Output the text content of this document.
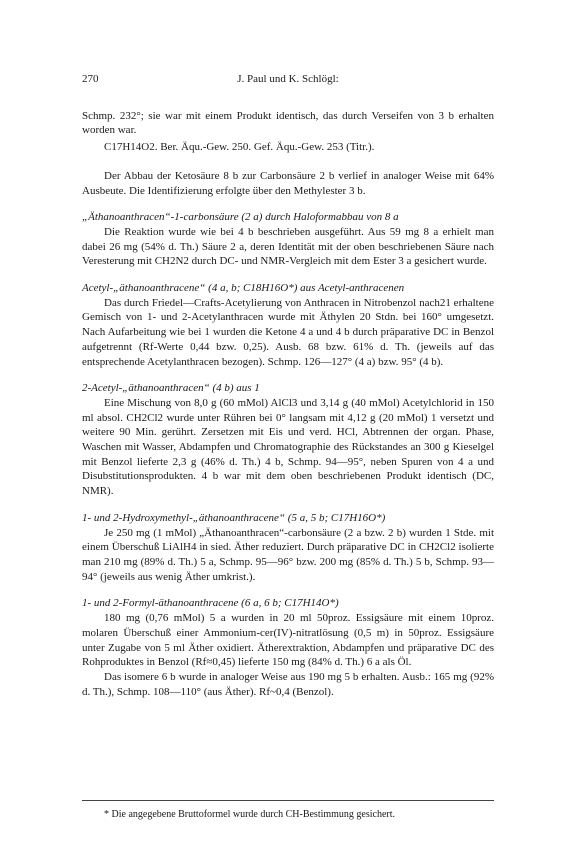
270	J. Paul und K. Schlögl:

Schmp. 232°; sie war mit einem Produkt identisch, das durch Verseifen von 3 b erhalten worden war.

C17H14O2. Ber. Äqu.-Gew. 250. Gef. Äqu.-Gew. 253 (Titr.).

Der Abbau der Ketosäure 8 b zur Carbonsäure 2 b verlief in analoger Weise mit 64% Ausbeute. Die Identifizierung erfolgte über den Methylester 3 b.

„Äthanoanthracen“-1-carbonsäure (2 a) durch Haloformabbau von 8 a

Die Reaktion wurde wie bei 4 b beschrieben ausgeführt. Aus 59 mg 8 a erhielt man dabei 26 mg (54% d. Th.) Säure 2 a, deren Identität mit der oben beschriebenen Säure nach Veresterung mit CH2N2 durch DC- und NMR-Vergleich mit dem Ester 3 a gesichert wurde.

Acetyl-„äthanoanthracene“ (4 a, b; C18H16O*) aus Acetyl-anthracenen

Das durch Friedel—Crafts-Acetylierung von Anthracen in Nitrobenzol nach21 erhaltene Gemisch von 1- und 2-Acetylanthracen wurde mit Äthylen 20 Stdn. bei 160° umgesetzt. Nach Aufarbeitung wie bei 1 wurden die Ketone 4 a und 4 b durch präparative DC in Benzol aufgetrennt (Rf-Werte 0,44 bzw. 0,25). Ausb. 68 bzw. 61% d. Th. (jeweils auf das entsprechende Acetylanthracen bezogen). Schmp. 126—127° (4 a) bzw. 95° (4 b).

2-Acetyl-„äthanoanthracen“ (4 b) aus 1

Eine Mischung von 8,0 g (60 mMol) AlCl3 und 3,14 g (40 mMol) Acetylchlorid in 150 ml absol. CH2Cl2 wurde unter Rühren bei 0° langsam mit 4,12 g (20 mMol) 1 versetzt und weitere 90 Min. gerührt. Zersetzen mit Eis und verd. HCl, Abtrennen der organ. Phase, Waschen mit Wasser, Abdampfen und Chromatographie des Rückstandes an 300 g Kieselgel mit Benzol lieferte 2,3 g (46% d. Th.) 4 b, Schmp. 94—95°, neben Spuren von 4 a und Disubstitutionsprodukten. 4 b war mit dem oben beschriebenen Produkt identisch (DC, NMR).

1- und 2-Hydroxymethyl-„äthanoanthracene“ (5 a, 5 b; C17H16O*)

Je 250 mg (1 mMol) „Äthanoanthracen“-carbonsäure (2 a bzw. 2 b) wurden 1 Stde. mit einem Überschuß LiAlH4 in sied. Äther reduziert. Durch präparative DC in CH2Cl2 isolierte man 210 mg (89% d. Th.) 5 a, Schmp. 95—96° bzw. 200 mg (85% d. Th.) 5 b, Schmp. 93—94° (jeweils aus wenig Äther umkrist.).

1- und 2-Formyl-äthanoanthracene (6 a, 6 b; C17H14O*)

180 mg (0,76 mMol) 5 a wurden in 20 ml 50proz. Essigsäure mit einem 10proz. molaren Überschuß einer Ammonium-cer(IV)-nitratlösung (0,5 m) in 50proz. Essigsäure unter Zugabe von 5 ml Äther oxidiert. Ätherextraktion, Abdampfen und präparative DC des Rohproduktes in Benzol (Rf≈0,45) lieferte 150 mg (84% d. Th.) 6 a als Öl.

Das isomere 6 b wurde in analoger Weise aus 190 mg 5 b erhalten. Ausb.: 165 mg (92% d. Th.), Schmp. 108—110° (aus Äther). Rf~0,4 (Benzol).

* Die angegebene Bruttoformel wurde durch CH-Bestimmung gesichert.
